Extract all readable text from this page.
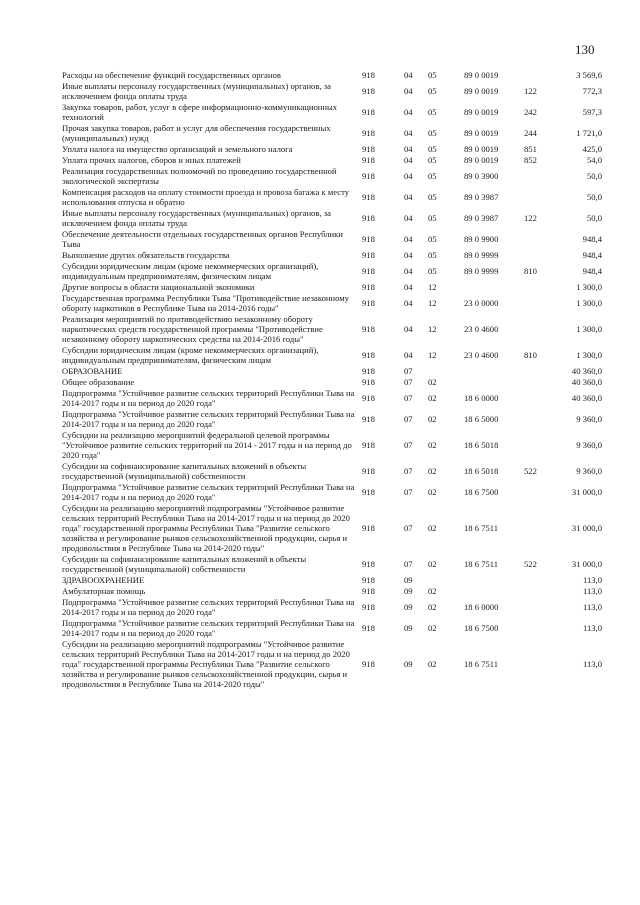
130
Расходы на обеспечение функций государственных органов	918	04	05	89 0 0019		3 569,6
Иные выплаты персоналу государственных (муниципальных) органов, за исключением фонда оплаты труда	918	04	05	89 0 0019	122	772,3
Закупка товаров, работ, услуг в сфере информационно-коммуникационных технологий	918	04	05	89 0 0019	242	597,3
Прочая закупка товаров, работ и услуг для обеспечения государственных (муниципальных) нужд	918	04	05	89 0 0019	244	1 721,0
Уплата налога на имущество организаций и земельного налога	918	04	05	89 0 0019	851	425,0
Уплата прочих налогов, сборов и иных платежей	918	04	05	89 0 0019	852	54,0
Реализация государственных полномочий по проведению государственной экологической экспертизы	918	04	05	89 0 3900		50,0
Компенсация расходов на оплату стоимости проезда и провоза багажа к месту использования отпуска и обратно	918	04	05	89 0 3987		50,0
Иные выплаты персоналу государственных (муниципальных) органов, за исключением фонда оплаты труда	918	04	05	89 0 3987	122	50,0
Обеспечение деятельности отдельных государственных органов Республики Тыва	918	04	05	89 0 9900		948,4
Выполнение других обязательств государства	918	04	05	89 0 9999		948,4
Субсидии юридическим лицам (кроме некоммерческих организаций), индивидуальным предпринимателям, физическим лицам	918	04	05	89 0 9999	810	948,4
Другие вопросы в области национальной экономики	918	04	12			1 300,0
Государственная программа Республики Тыва "Противодействие незаконному обороту наркотиков в Республике Тыва на 2014-2016 годы"	918	04	12	23 0 0000		1 300,0
Реализация мероприятий по противодействию незаконному обороту наркотических средств государственной программы "Противодействие незаконному обороту наркотических средства на 2014-2016 годы"	918	04	12	23 0 4600		1 300,0
Субсидии юридическим лицам (кроме некоммерческих организаций), индивидуальным предпринимателям, физическим лицам	918	04	12	23 0 4600	810	1 300,0
ОБРАЗОВАНИЕ	918	07				40 360,0
Общее образование	918	07	02			40 360,0
Подпрограмма "Устойчивое развитие сельских территорий Республики Тыва на 2014-2017 годы и на период до 2020 года"	918	07	02	18 6 0000		40 360,0
Подпрограмма "Устойчивое развитие сельских территорий Республики Тыва на 2014-2017 годы и на период до 2020 года"	918	07	02	18 6 5000		9 360,0
Субсидии на реализацию мероприятий федеральной целевой программы "Устойчивое развитие сельских территорий на 2014 - 2017 годы и на период до 2020 года"	918	07	02	18 6 5018		9 360,0
Субсидии на софинансирование капитальных вложений в объекты государственной (муниципальной) собственности	918	07	02	18 6 5018	522	9 360,0
Подпрограмма "Устойчивое развитие сельских территорий Республики Тыва на 2014-2017 годы и на период до 2020 года"	918	07	02	18 6 7500		31 000,0
Субсидии на реализацию мероприятий подпрограммы "Устойчивое развитие сельских территорий Республики Тыва на 2014-2017 годы и на период до 2020 года" государственной программы Республики Тыва "Развитие сельского хозяйства и регулирование рынков сельскохозяйственной продукции, сырья и продовольствия в Республике Тыва на 2014-2020 годы"	918	07	02	18 6 7511		31 000,0
Субсидии на софинансирование капитальных вложений в объекты государственной (муниципальной) собственности	918	07	02	18 6 7511	522	31 000,0
ЗДРАВООХРАНЕНИЕ	918	09				113,0
Амбулаторная помощь	918	09	02			113,0
Подпрограмма "Устойчивое развитие сельских территорий Республики Тыва на 2014-2017 годы и на период до 2020 года"	918	09	02	18 6 0000		113,0
Подпрограмма "Устойчивое развитие сельских территорий Республики Тыва на 2014-2017 годы и на период до 2020 года"	918	09	02	18 6 7500		113,0
Субсидии на реализацию мероприятий подпрограммы "Устойчивое развитие сельских территорий Республики Тыва на 2014-2017 годы и на период до 2020 года" государственной программы Республики Тыва "Развитие сельского хозяйства и регулирование рынков сельскохозяйственной продукции, сырья и продовольствия в Республике Тыва на 2014-2020 годы"	918	09	02	18 6 7511		113,0
